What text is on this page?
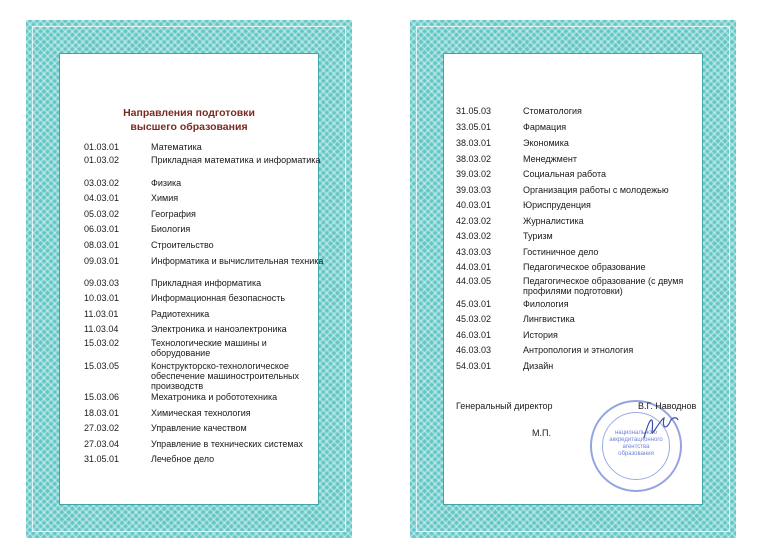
Направления подготовки
высшего образования
01.03.01	Математика
01.03.02	Прикладная математика и информатика
03.03.02	Физика
04.03.01	Химия
05.03.02	География
06.03.01	Биология
08.03.01	Строительство
09.03.01	Информатика и вычислительная техника
09.03.03	Прикладная информатика
10.03.01	Информационная безопасность
11.03.01	Радиотехника
11.03.04	Электроника и наноэлектроника
15.03.02	Технологические машины и оборудование
15.03.05	Конструкторско-технологическое обеспечение машиностроительных производств
15.03.06	Мехатроника и робототехника
18.03.01	Химическая технология
27.03.02	Управление качеством
27.03.04	Управление в технических системах
31.05.01	Лечебное дело
31.05.03	Стоматология
33.05.01	Фармация
38.03.01	Экономика
38.03.02	Менеджмент
39.03.02	Социальная работа
39.03.03	Организация работы с молодежью
40.03.01	Юриспруденция
42.03.02	Журналистика
43.03.02	Туризм
43.03.03	Гостиничное дело
44.03.01	Педагогическое образование
44.03.05	Педагогическое образование (с двумя профилями подготовки)
45.03.01	Филология
45.03.02	Лингвистика
46.03.01	История
46.03.03	Антропология и этнология
54.03.01	Дизайн
национального
аккредитационного
агентства
образования
Генеральный директор	В.Г. Наводнов
М.П.
